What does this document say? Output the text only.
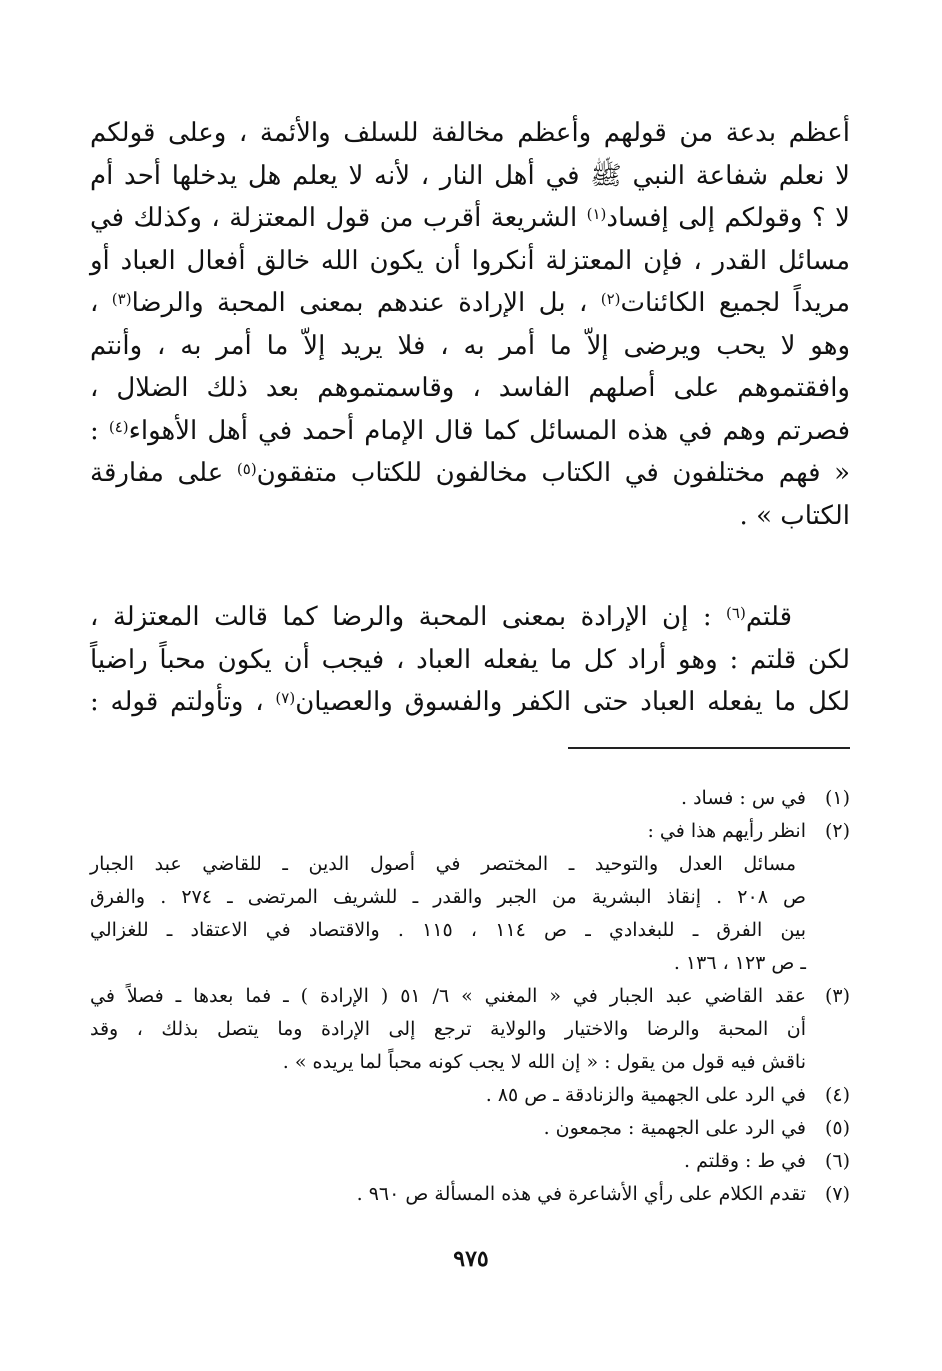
أعظم بدعة من قولهم وأعظم مخالفة للسلف والأئمة ، وعلى قولكم
لا نعلم شفاعة النبي ﷺ في أهل النار ، لأنه لا يعلم هل يدخلها أحد أم
لا ؟ وقولكم إلى إفساد$^{(١)}$ الشريعة أقرب من قول المعتزلة ، وكذلك في
مسائل القدر ، فإن المعتزلة أنكروا أن يكون الله خالق أفعال العباد أو
مريداً لجميع الكائنات$^{(٢)}$ ، بل الإرادة عندهم بمعنى المحبة والرضا$^{(٣)}$ ،
وهو لا يحب ويرضى إلاّ ما أمر به ، فلا يريد إلاّ ما أمر به ، وأنتم
وافقتموهم على أصلهم الفاسد ، وقاسمتموهم بعد ذلك الضلال ،
فصرتم وهم في هذه المسائل كما قال الإمام أحمد في أهل الأهواء$^{(٤)}$ :
« فهم مختلفون في الكتاب مخالفون للكتاب متفقون$^{(٥)}$ على مفارقة
الكتاب » .
قلتم$^{(٦)}$ : إن الإرادة بمعنى المحبة والرضا كما قالت المعتزلة ،
لكن قلتم : وهو أراد كل ما يفعله العباد ، فيجب أن يكون محباً راضياً
لكل ما يفعله العباد حتى الكفر والفسوق والعصيان$^{(٧)}$ ، وتأولتم قوله :
(١)
في س : فساد .
(٢)
انظر رأيهم هذا في :
مسائل العدل والتوحيد ـ المختصر في أصول الدين ـ للقاضي عبد الجبار
ص ٢٠٨ . إنقاذ البشرية من الجبر والقدر ـ للشريف المرتضى ـ ٢٧٤ . والفرق
بين الفرق ـ للبغدادي ـ ص ١١٤ ، ١١٥ . والاقتصاد في الاعتقاد ـ للغزالي
ـ ص ١٢٣ ، ١٣٦ .
(٣)
عقد القاضي عبد الجبار في « المغني » ٦/ ٥١ ( الإرادة ) ـ فما بعدها ـ فصلاً في
أن المحبة والرضا والاختيار والولاية ترجع إلى الإرادة وما يتصل بذلك ، وقد
ناقش فيه قول من يقول : « إن الله لا يجب كونه محباً لما يريده » .
(٤)
في الرد على الجهمية والزنادقة ـ ص ٨٥ .
(٥)
في الرد على الجهمية : مجمعون .
(٦)
في ط : وقلتم .
(٧)
تقدم الكلام على رأي الأشاعرة في هذه المسألة ص ٩٦٠ .
٩٧٥
